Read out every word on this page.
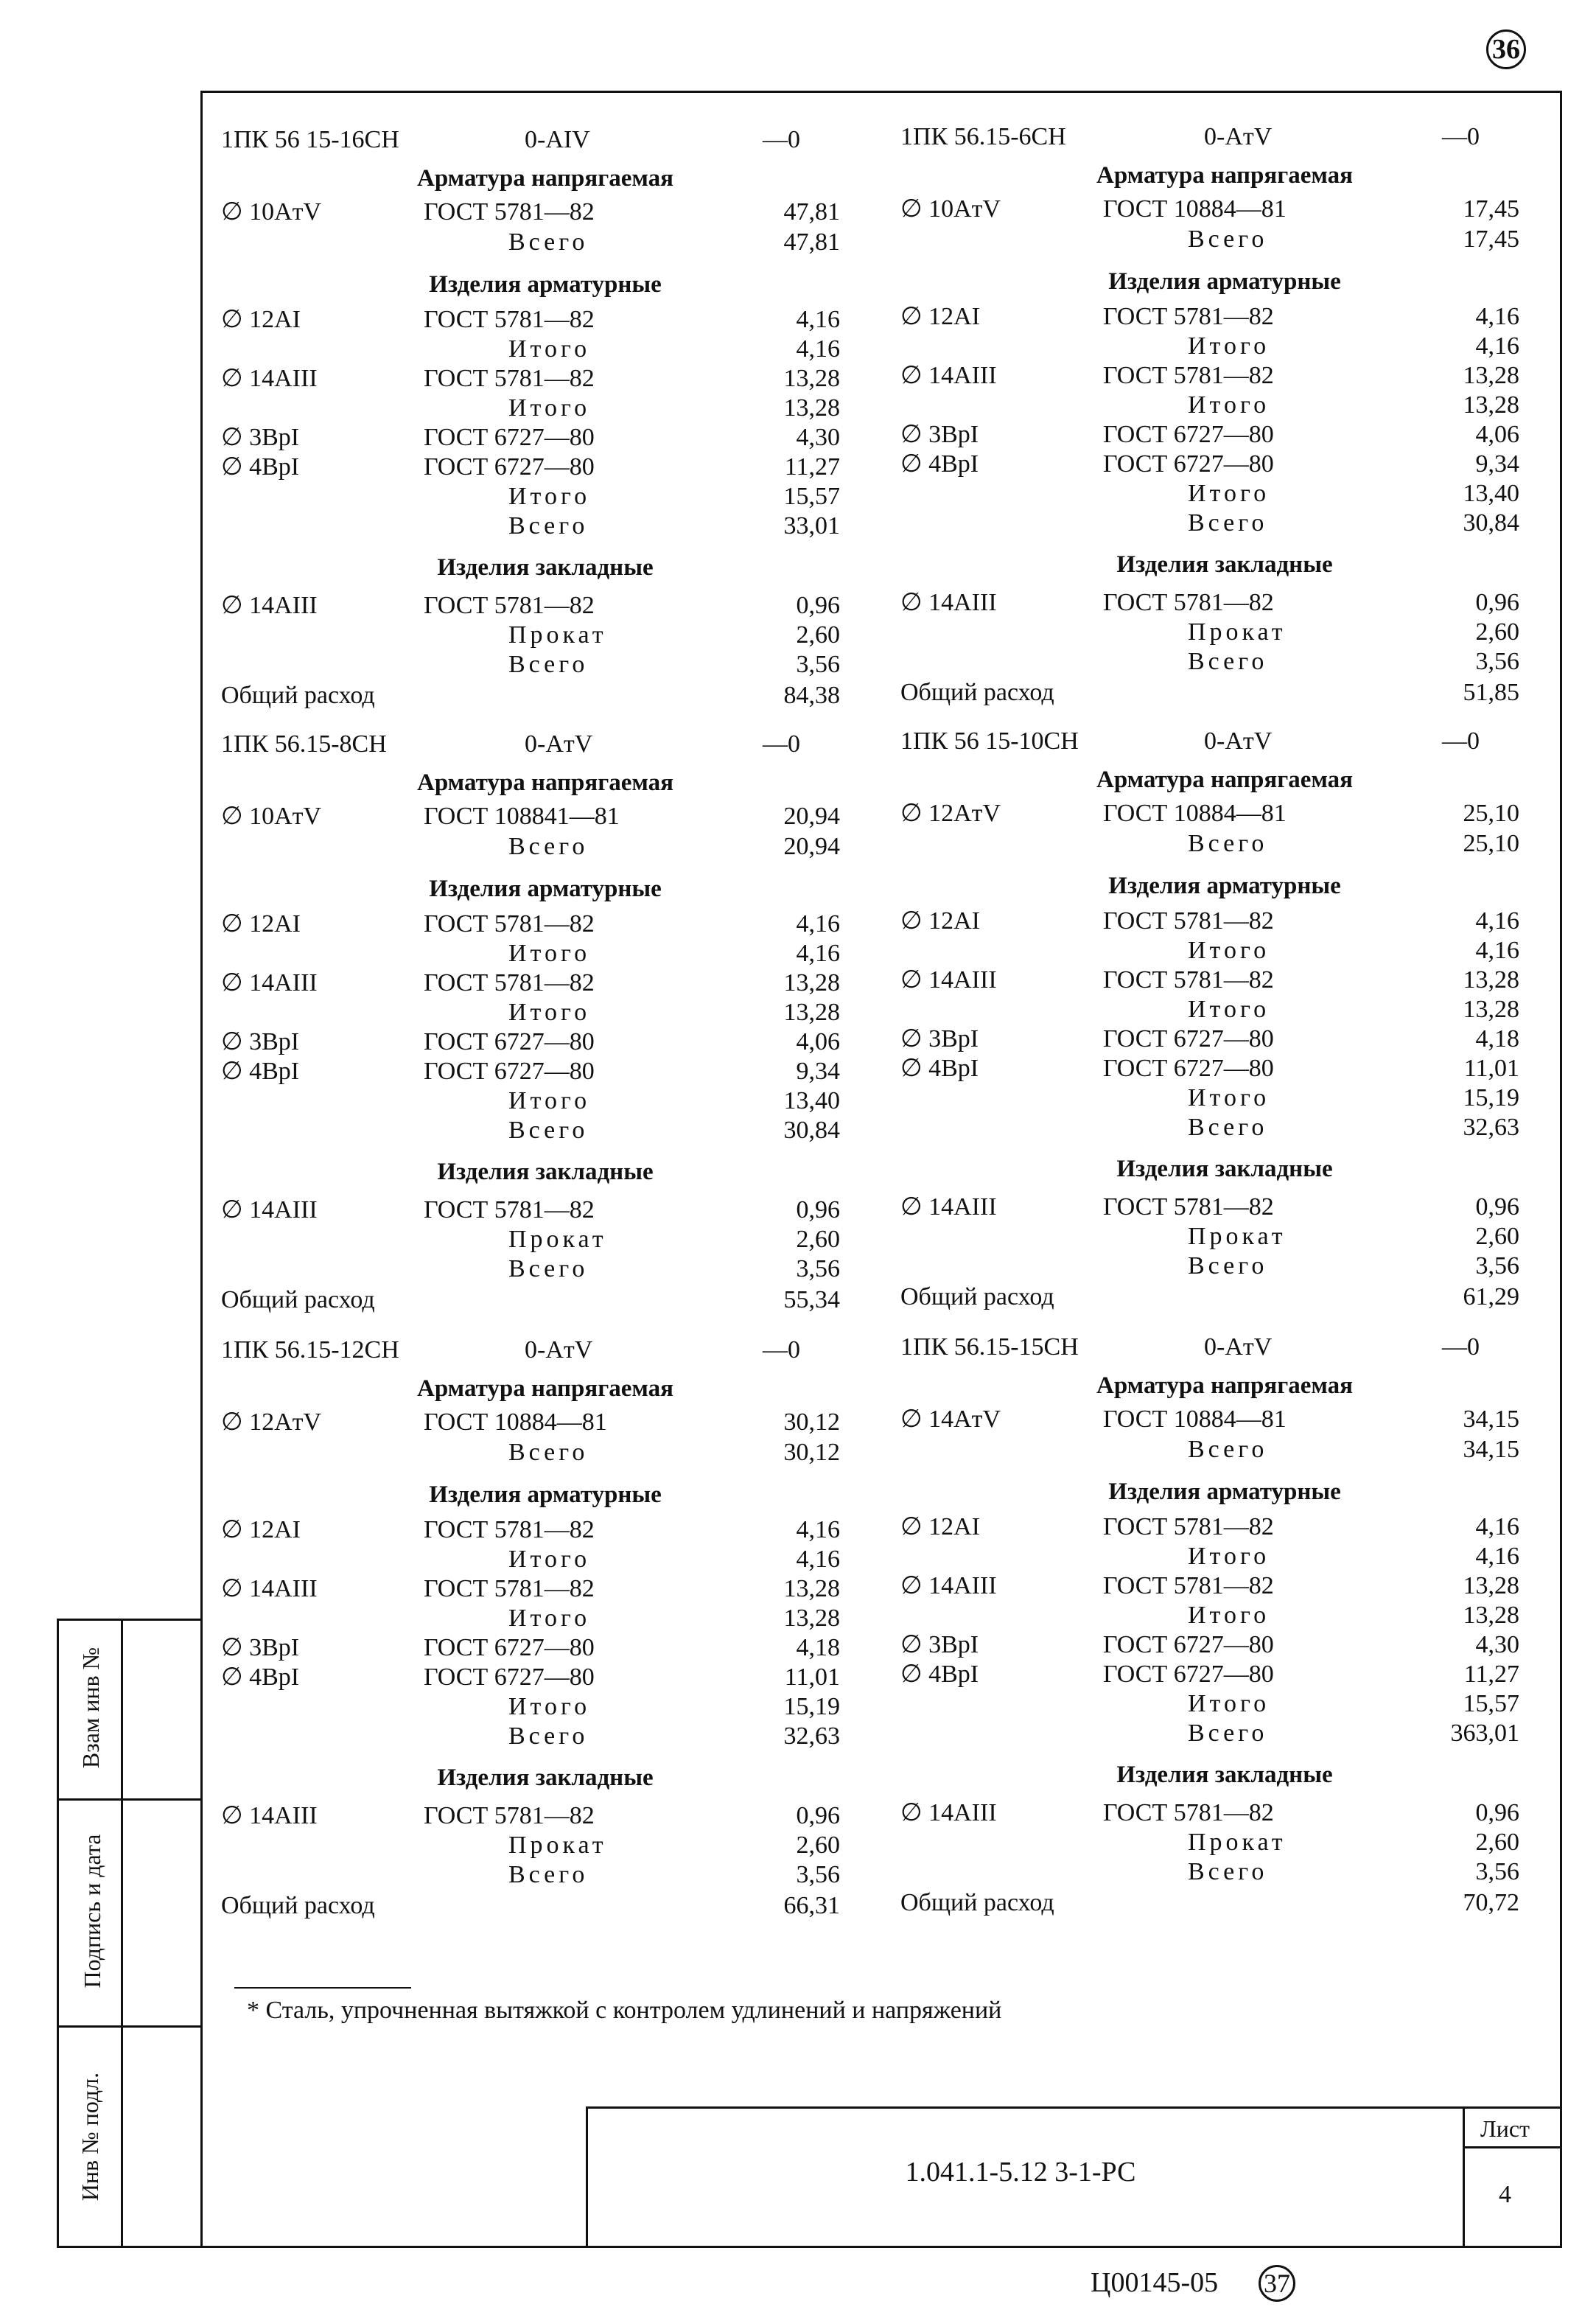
36
Взам инв №
Подпись и дата
Инв № подл.	1.041.1-5.12 3-1-РС
Лист
4
* Сталь, упрочненная вытяжкой с контролем удлинений и напряжений
Ц00145-05 37
1ПК 56 15-16СН	0-AIV	—0
Арматура напрягаемая
∅ 10AтV	ГОСТ 5781—82	47,81
Всего	47,81
Изделия арматурные
∅ 12AI	ГОСТ 5781—82	4,16
Итого	4,16
∅ 14AIII	ГОСТ 5781—82	13,28
Итого	13,28
∅ 3BpI	ГОСТ 6727—80	4,30
∅ 4BpI	ГОСТ 6727—80	11,27
Итого	15,57
Всего	33,01
Изделия закладные
∅ 14AIII	ГОСТ 5781—82	0,96
Прокат	2,60
Всего	3,56
Общий расход	84,38
1ПК 56.15-6СН	0-AтV	—0
Арматура напрягаемая
∅ 10AтV	ГОСТ 10884—81	17,45
Всего	17,45
Изделия арматурные
∅ 12AI	ГОСТ 5781—82	4,16
Итого	4,16
∅ 14AIII	ГОСТ 5781—82	13,28
Итого	13,28
∅ 3BpI	ГОСТ 6727—80	4,06
∅ 4BpI	ГОСТ 6727—80	9,34
Итого	13,40
Всего	30,84
Изделия закладные
∅ 14AIII	ГОСТ 5781—82	0,96
Прокат	2,60
Всего	3,56
Общий расход	51,85
1ПК 56.15-8СН	0-AтV	—0
Арматура напрягаемая
∅ 10AтV	ГОСТ 108841—81	20,94
Всего	20,94
Изделия арматурные
∅ 12AI	ГОСТ 5781—82	4,16
Итого	4,16
∅ 14AIII	ГОСТ 5781—82	13,28
Итого	13,28
∅ 3BpI	ГОСТ 6727—80	4,06
∅ 4BpI	ГОСТ 6727—80	9,34
Итого	13,40
Всего	30,84
Изделия закладные
∅ 14AIII	ГОСТ 5781—82	0,96
Прокат	2,60
Всего	3,56
Общий расход	55,34
1ПК 56 15-10СН	0-AтV	—0
Арматура напрягаемая
∅ 12AтV	ГОСТ 10884—81	25,10
Всего	25,10
Изделия арматурные
∅ 12AI	ГОСТ 5781—82	4,16
Итого	4,16
∅ 14AIII	ГОСТ 5781—82	13,28
Итого	13,28
∅ 3BpI	ГОСТ 6727—80	4,18
∅ 4BpI	ГОСТ 6727—80	11,01
Итого	15,19
Всего	32,63
Изделия закладные
∅ 14AIII	ГОСТ 5781—82	0,96
Прокат	2,60
Всего	3,56
Общий расход	61,29
1ПК 56.15-12СН	0-AтV	—0
Арматура напрягаемая
∅ 12AтV	ГОСТ 10884—81	30,12
Всего	30,12
Изделия арматурные
∅ 12AI	ГОСТ 5781—82	4,16
Итого	4,16
∅ 14AIII	ГОСТ 5781—82	13,28
Итого	13,28
∅ 3BpI	ГОСТ 6727—80	4,18
∅ 4BpI	ГОСТ 6727—80	11,01
Итого	15,19
Всего	32,63
Изделия закладные
∅ 14AIII	ГОСТ 5781—82	0,96
Прокат	2,60
Всего	3,56
Общий расход	66,31
1ПК 56.15-15СН	0-AтV	—0
Арматура напрягаемая
∅ 14AтV	ГОСТ 10884—81	34,15
Всего	34,15
Изделия арматурные
∅ 12AI	ГОСТ 5781—82	4,16
Итого	4,16
∅ 14AIII	ГОСТ 5781—82	13,28
Итого	13,28
∅ 3BpI	ГОСТ 6727—80	4,30
∅ 4BpI	ГОСТ 6727—80	11,27
Итого	15,57
Всего	363,01
Изделия закладные
∅ 14AIII	ГОСТ 5781—82	0,96
Прокат	2,60
Всего	3,56
Общий расход	70,72
